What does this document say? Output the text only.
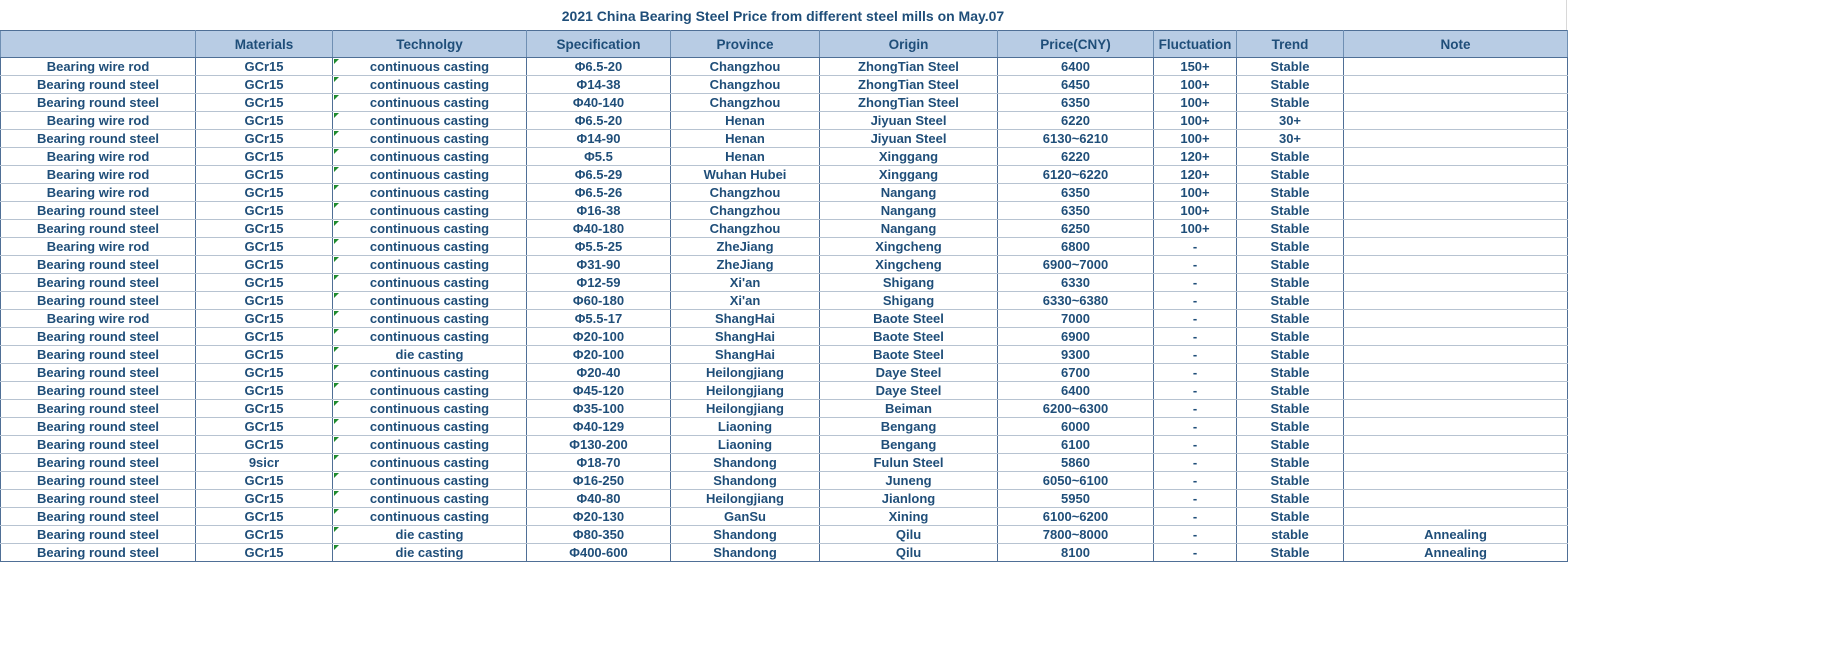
2021 China Bearing Steel Price from different steel mills on May.07
	Materials	Technolgy	Specification	Province	Origin	Price(CNY)	Fluctuation	Trend	Note
Bearing wire rod	GCr15	continuous casting	Φ6.5-20	Changzhou	ZhongTian Steel	6400	150+	Stable	
Bearing round steel	GCr15	continuous casting	Φ14-38	Changzhou	ZhongTian Steel	6450	100+	Stable	
Bearing round steel	GCr15	continuous casting	Φ40-140	Changzhou	ZhongTian Steel	6350	100+	Stable	
Bearing wire rod	GCr15	continuous casting	Φ6.5-20	Henan	Jiyuan Steel	6220	100+	30+	
Bearing round steel	GCr15	continuous casting	Φ14-90	Henan	Jiyuan Steel	6130~6210	100+	30+	
Bearing wire rod	GCr15	continuous casting	Φ5.5	Henan	Xinggang	6220	120+	Stable	
Bearing wire rod	GCr15	continuous casting	Φ6.5-29	Wuhan Hubei	Xinggang	6120~6220	120+	Stable	
Bearing wire rod	GCr15	continuous casting	Φ6.5-26	Changzhou	Nangang	6350	100+	Stable	
Bearing round steel	GCr15	continuous casting	Φ16-38	Changzhou	Nangang	6350	100+	Stable	
Bearing round steel	GCr15	continuous casting	Φ40-180	Changzhou	Nangang	6250	100+	Stable	
Bearing wire rod	GCr15	continuous casting	Φ5.5-25	ZheJiang	Xingcheng	6800	-	Stable	
Bearing round steel	GCr15	continuous casting	Φ31-90	ZheJiang	Xingcheng	6900~7000	-	Stable	
Bearing round steel	GCr15	continuous casting	Φ12-59	Xi'an	Shigang	6330	-	Stable	
Bearing round steel	GCr15	continuous casting	Φ60-180	Xi'an	Shigang	6330~6380	-	Stable	
Bearing wire rod	GCr15	continuous casting	Φ5.5-17	ShangHai	Baote Steel	7000	-	Stable	
Bearing round steel	GCr15	continuous casting	Φ20-100	ShangHai	Baote Steel	6900	-	Stable	
Bearing round steel	GCr15	die casting	Φ20-100	ShangHai	Baote Steel	9300	-	Stable	
Bearing round steel	GCr15	continuous casting	Φ20-40	Heilongjiang	Daye Steel	6700	-	Stable	
Bearing round steel	GCr15	continuous casting	Φ45-120	Heilongjiang	Daye Steel	6400	-	Stable	
Bearing round steel	GCr15	continuous casting	Φ35-100	Heilongjiang	Beiman	6200~6300	-	Stable	
Bearing round steel	GCr15	continuous casting	Φ40-129	Liaoning	Bengang	6000	-	Stable	
Bearing round steel	GCr15	continuous casting	Φ130-200	Liaoning	Bengang	6100	-	Stable	
Bearing round steel	9sicr	continuous casting	Φ18-70	Shandong	Fulun Steel	5860	-	Stable	
Bearing round steel	GCr15	continuous casting	Φ16-250	Shandong	Juneng	6050~6100	-	Stable	
Bearing round steel	GCr15	continuous casting	Φ40-80	Heilongjiang	Jianlong	5950	-	Stable	
Bearing round steel	GCr15	continuous casting	Φ20-130	GanSu	Xining	6100~6200	-	Stable	
Bearing round steel	GCr15	die casting	Φ80-350	Shandong	Qilu	7800~8000	-	stable	Annealing
Bearing round steel	GCr15	die casting	Φ400-600	Shandong	Qilu	8100	-	Stable	Annealing
